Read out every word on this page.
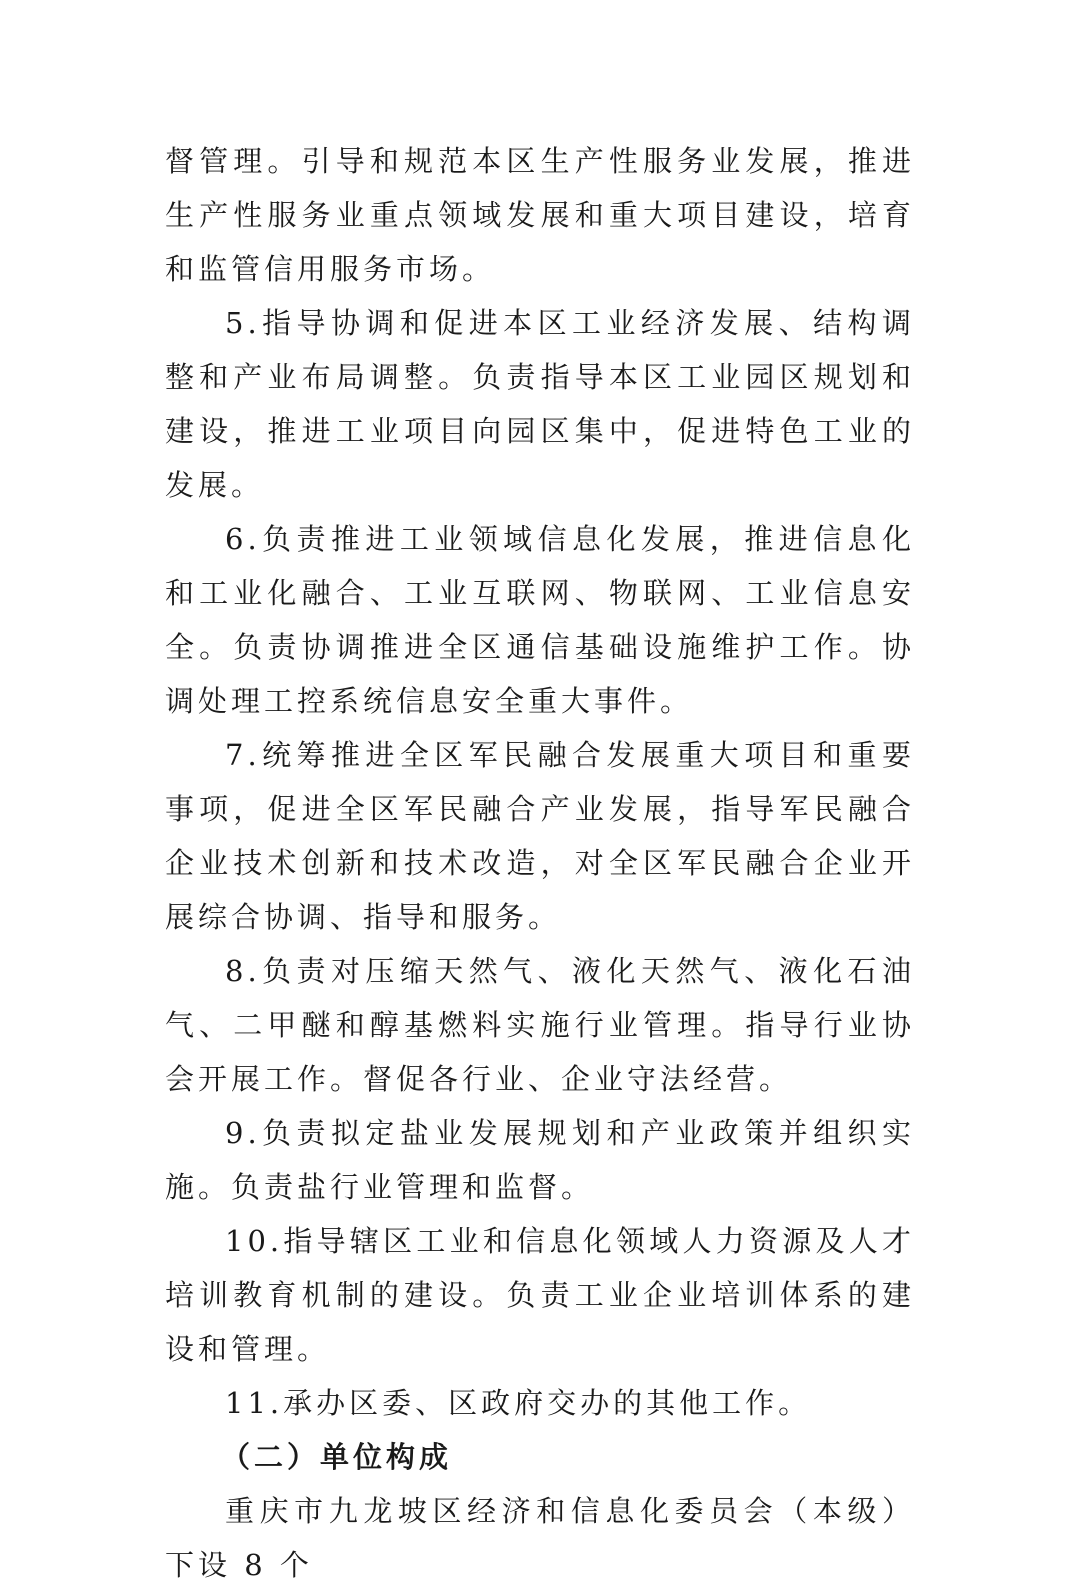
督管理。引导和规范本区生产性服务业发展，推进生产性服务业重点领域发展和重大项目建设，培育和监管信用服务市场。

5.指导协调和促进本区工业经济发展、结构调整和产业布局调整。负责指导本区工业园区规划和建设，推进工业项目向园区集中，促进特色工业的发展。

6.负责推进工业领域信息化发展，推进信息化和工业化融合、工业互联网、物联网、工业信息安全。负责协调推进全区通信基础设施维护工作。协调处理工控系统信息安全重大事件。

7.统筹推进全区军民融合发展重大项目和重要事项，促进全区军民融合产业发展，指导军民融合企业技术创新和技术改造，对全区军民融合企业开展综合协调、指导和服务。

8.负责对压缩天然气、液化天然气、液化石油气、二甲醚和醇基燃料实施行业管理。指导行业协会开展工作。督促各行业、企业守法经营。

9.负责拟定盐业发展规划和产业政策并组织实施。负责盐行业管理和监督。

10.指导辖区工业和信息化领域人力资源及人才培训教育机制的建设。负责工业企业培训体系的建设和管理。

11.承办区委、区政府交办的其他工作。

（二）单位构成

重庆市九龙坡区经济和信息化委员会（本级）下设 8 个
